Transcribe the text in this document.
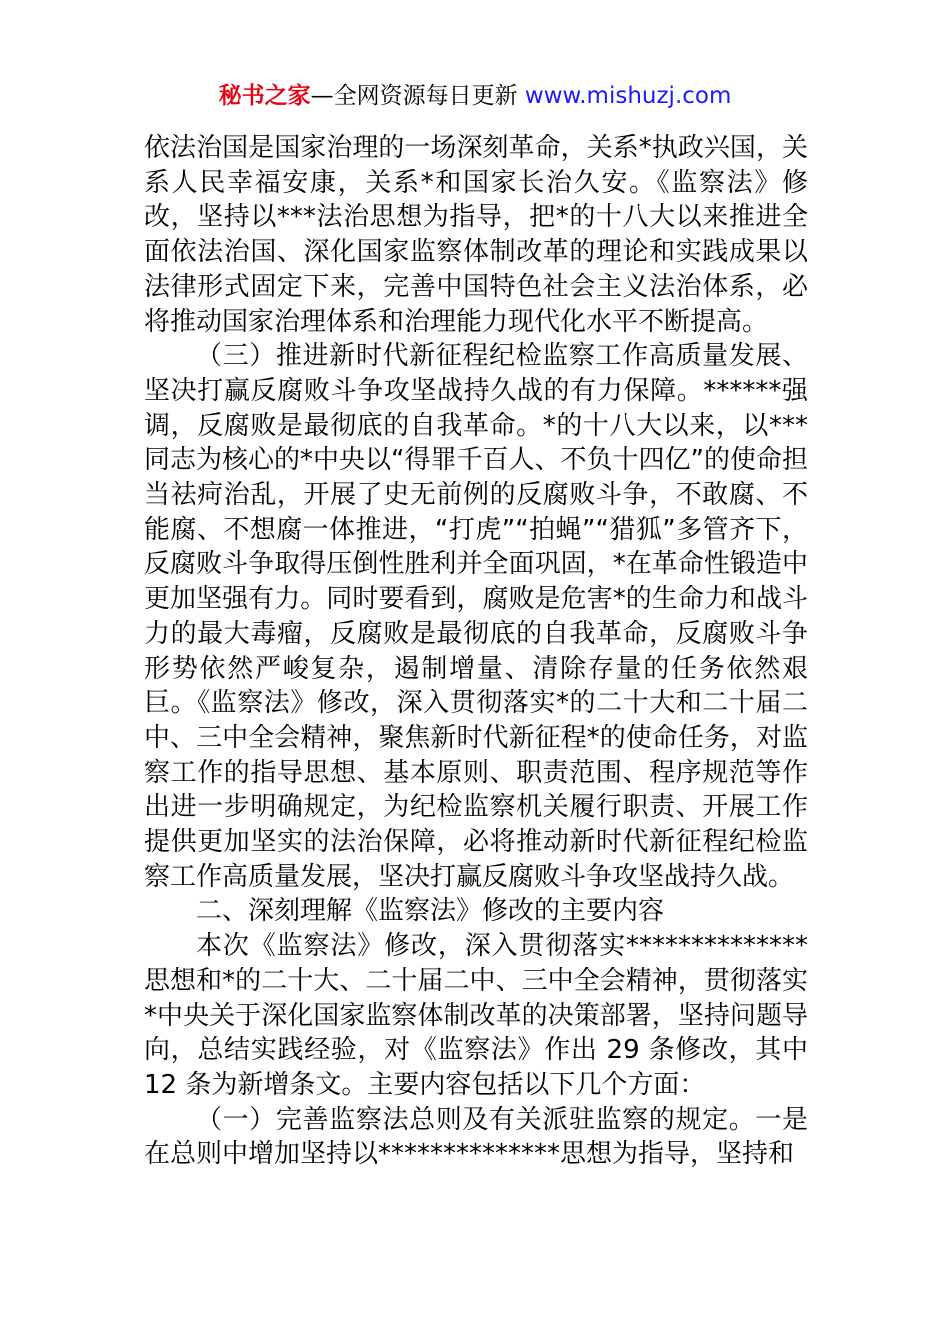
秘书之家—全网资源每日更新 www.mishuzj.com

依法治国是国家治理的一场深刻革命，关系*执政兴国，关系人民幸福安康，关系*和国家长治久安。《监察法》修改，坚持以***法治思想为指导，把*的十八大以来推进全面依法治国、深化国家监察体制改革的理论和实践成果以法律形式固定下来，完善中国特色社会主义法治体系，必将推动国家治理体系和治理能力现代化水平不断提高。

（三）推进新时代新征程纪检监察工作高质量发展、坚决打赢反腐败斗争攻坚战持久战的有力保障。******强调，反腐败是最彻底的自我革命。*的十八大以来，以***同志为核心的*中央以“得罪千百人、不负十四亿”的使命担当祛疴治乱，开展了史无前例的反腐败斗争，不敢腐、不能腐、不想腐一体推进，“打虎”“拍蝇”“猎狐”多管齐下，反腐败斗争取得压倒性胜利并全面巩固，*在革命性锻造中更加坚强有力。同时要看到，腐败是危害*的生命力和战斗力的最大毒瘤，反腐败是最彻底的自我革命，反腐败斗争形势依然严峻复杂，遏制增量、清除存量的任务依然艰巨。《监察法》修改，深入贯彻落实*的二十大和二十届二中、三中全会精神，聚焦新时代新征程*的使命任务，对监察工作的指导思想、基本原则、职责范围、程序规范等作出进一步明确规定，为纪检监察机关履行职责、开展工作提供更加坚实的法治保障，必将推动新时代新征程纪检监察工作高质量发展，坚决打赢反腐败斗争攻坚战持久战。

二、深刻理解《监察法》修改的主要内容

本次《监察法》修改，深入贯彻落实**************思想和*的二十大、二十届二中、三中全会精神，贯彻落实*中央关于深化国家监察体制改革的决策部署，坚持问题导向，总结实践经验，对《监察法》作出 29 条修改，其中 12 条为新增条文。主要内容包括以下几个方面：

（一）完善监察法总则及有关派驻监察的规定。一是在总则中增加坚持以**************思想为指导，坚持和
